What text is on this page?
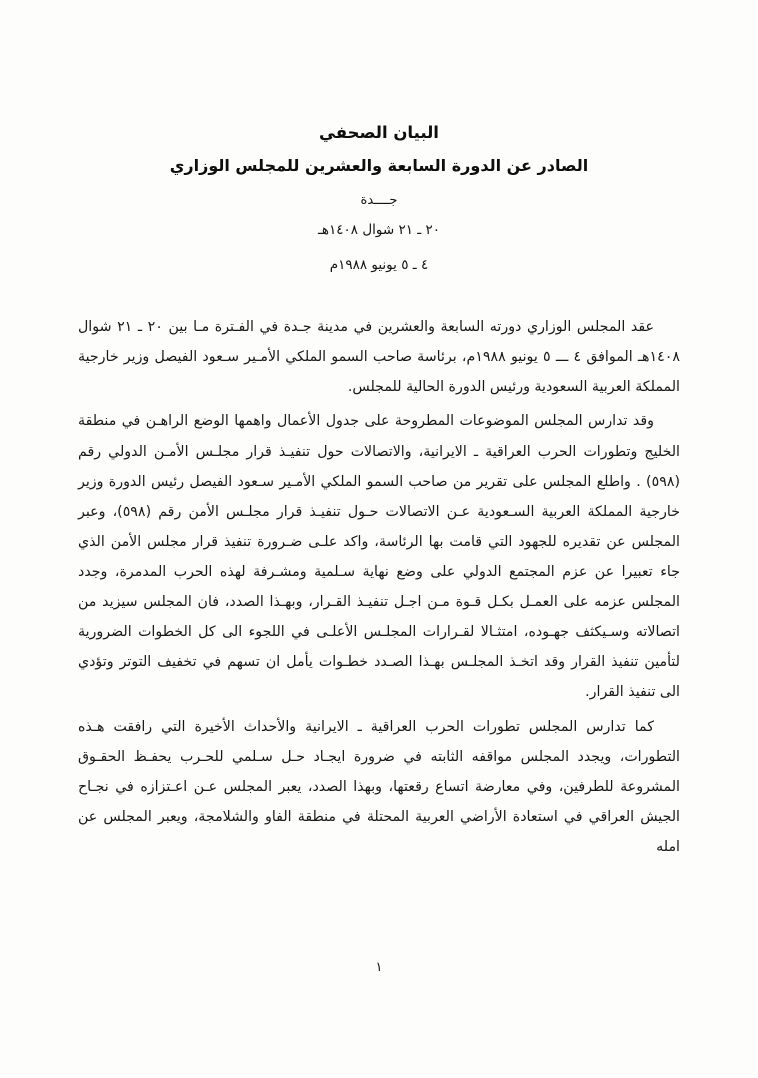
البيان الصحفي
الصادر عن الدورة السابعة والعشرين للمجلس الوزاري
جــــدة
٢٠ ـ ٢١ شوال ١٤٠٨هـ
٤ ـ ٥ يونيو ١٩٨٨م

عقد المجلس الوزاري دورته السابعة والعشرين في مدينة جـدة في الفـترة مـا بين ٢٠ ـ ٢١ شوال ١٤٠٨هـ الموافق ٤ ـــ ٥ يونيو ١٩٨٨م، برئاسة صاحب السمو الملكي الأمـير سـعود الفيصل وزير خارجية المملكة العربية السعودية ورئيس الدورة الحالية للمجلس.

وقد تدارس المجلس الموضوعات المطروحة على جدول الأعمال واهمها الوضع الراهـن في منطقة الخليج وتطورات الحرب العراقية ـ الايرانية، والاتصالات حول تنفيـذ قرار مجلـس الأمـن الدولي رقم (٥٩٨) . واطلع المجلس على تقرير من صاحب السمو الملكي الأمـير سـعود الفيصل رئيس الدورة وزير خارجية المملكة العربية السـعودية عـن الاتصالات حـول تنفيـذ قرار مجلـس الأمن رقم (٥٩٨)، وعبر المجلس عن تقديره للجهود التي قامت بها الرئاسة، واكد علـى ضـرورة تنفيذ قرار مجلس الأمن الذي جاء تعبيرا عن عزم المجتمع الدولي على وضع نهاية سـلمية ومشـرفة لهذه الحرب المدمرة، وجدد المجلس عزمه على العمـل بكـل قـوة مـن اجـل تنفيـذ القـرار، وبهـذا الصدد، فان المجلس سيزيد من اتصالاته وسـيكثف جهـوده، امتثـالا لقـرارات المجلـس الأعلـى في اللجوء الى كل الخطوات الضرورية لتأمين تنفيذ القرار وقد اتخـذ المجلـس بهـذا الصـدد خطـوات يأمل ان تسهم في تخفيف التوتر وتؤدي الى تنفيذ القرار.

كما تدارس المجلس تطورات الحرب العراقية ـ الايرانية والأحداث الأخيرة التي رافقت هـذه التطورات، ويجدد المجلس مواقفه الثابته في ضرورة ايجـاد حـل سـلمي للحـرب يحفـظ الحقـوق المشروعة للطرفين، وفي معارضة اتساع رقعتها، وبهذا الصدد، يعبر المجلس عـن اعـتزازه في نجـاح الجيش العراقي في استعادة الأراضي العربية المحتلة في منطقة الفاو والشلامجة، ويعبر المجلس عن امله

١
